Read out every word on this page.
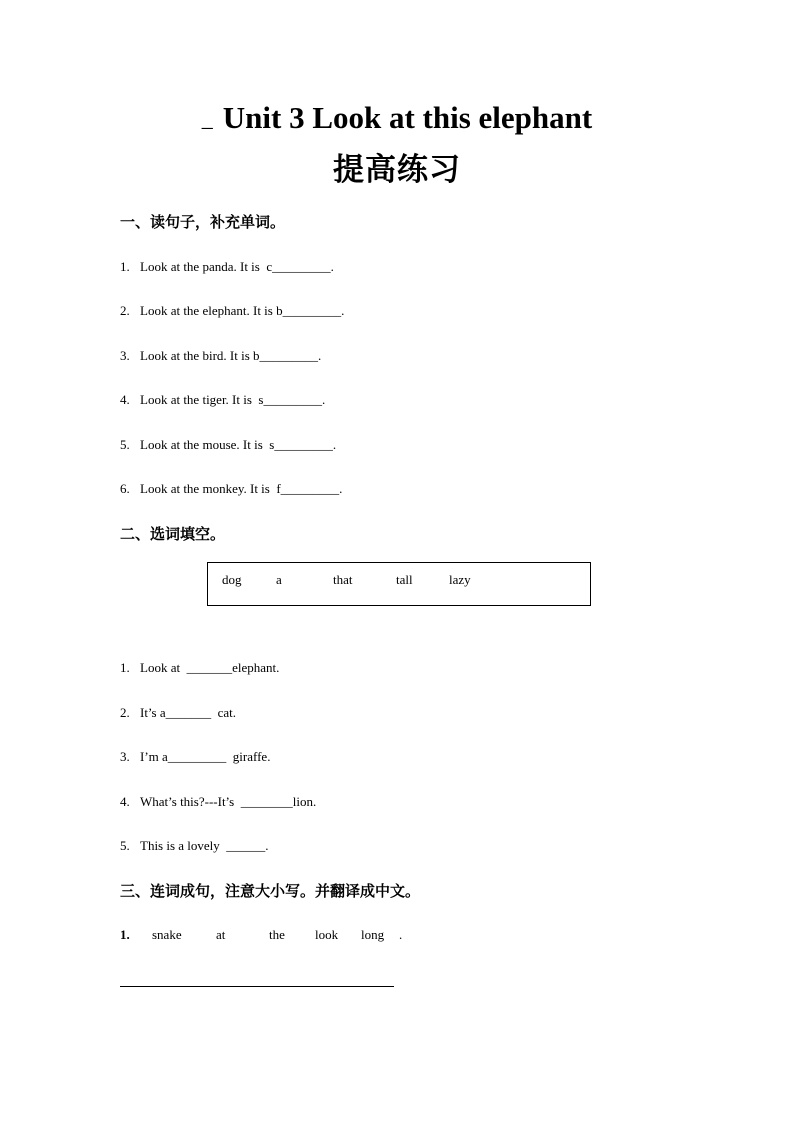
_ Unit 3 Look at this elephant
提高练习
一、读句子，补充单词。
1. Look at the panda. It is  c_________.
2. Look at the elephant. It is b_________.
3. Look at the bird. It is b_________.
4. Look at the tiger. It is  s_________.
5. Look at the mouse. It is  s_________.
6. Look at the monkey. It is  f_________.
二、选词填空。
dog	a	that	tall	lazy
1. Look at  _______elephant.
2. It’s a_______  cat.
3. I’m a_________  giraffe.
4. What’s this?---It’s  ________lion.
5. This is a lovely  ______.
三、连词成句，注意大小写。并翻译成中文。
1.	snake	at	the look long .
